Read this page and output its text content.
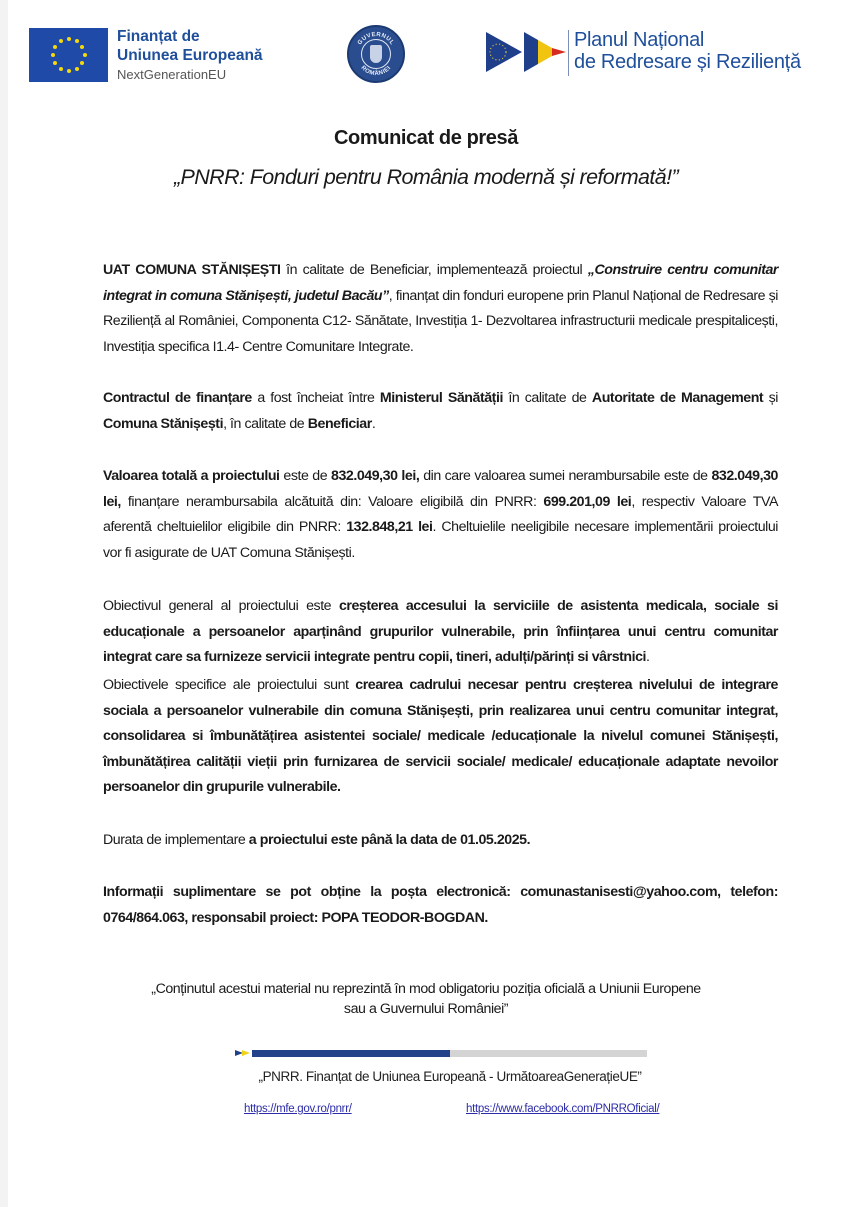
Finanțat de
Uniunea Europeană
NextGenerationEU
GUVERNUL
ROMÂNIEI
Planul Național
de Redresare și Reziliență
Comunicat de presă
„PNRR: Fonduri pentru România modernă și reformată!”
UAT COMUNA STĂNIȘEȘTI în calitate de Beneficiar, implementează proiectul „Construire centru comunitar integrat in comuna Stănișești, judetul Bacău”, finanțat din fonduri europene prin Planul Național de Redresare și Reziliență al României, Componenta C12- Sănătate, Investiția 1- Dezvoltarea infrastructurii medicale prespitalicești, Investiția specifica I1.4- Centre Comunitare Integrate.
Contractul de finanțare a fost încheiat între Ministerul Sănătății în calitate de Autoritate de Management și Comuna Stănișești, în calitate de Beneficiar.
Valoarea totală a proiectului este de 832.049,30 lei, din care valoarea sumei nerambursabile este de 832.049,30 lei, finanțare nerambursabila alcătuită din: Valoare eligibilă din PNRR: 699.201,09 lei, respectiv Valoare TVA aferentă cheltuielilor eligibile din PNRR: 132.848,21 lei. Cheltuielile neeligibile necesare implementării proiectului vor fi asigurate de UAT Comuna Stănișești.
Obiectivul general al proiectului este creșterea accesului la serviciile de asistenta medicala, sociale si educaționale a persoanelor aparținând grupurilor vulnerabile, prin înființarea unui centru comunitar integrat care sa furnizeze servicii integrate pentru copii, tineri, adulți/părinți si vârstnici.
Obiectivele specifice ale proiectului sunt crearea cadrului necesar pentru creșterea nivelului de integrare sociala a persoanelor vulnerabile din comuna Stănișești, prin realizarea unui centru comunitar integrat, consolidarea si îmbunătățirea asistentei sociale/ medicale /educaționale la nivelul comunei Stănișești, îmbunătățirea calității vieții prin furnizarea de servicii sociale/ medicale/ educaționale adaptate nevoilor persoanelor din grupurile vulnerabile.
Durata de implementare a proiectului este până la data de 01.05.2025.
Informații suplimentare se pot obține la poșta electronică: comunastanisesti@yahoo.com, telefon: 0764/864.063, responsabil proiect: POPA TEODOR-BOGDAN.
„Conținutul acestui material nu reprezintă în mod obligatoriu poziția oficială a Uniunii Europene
sau a Guvernului României”
„PNRR. Finanțat de Uniunea Europeană - UrmătoareaGenerațieUE”
https://mfe.gov.ro/pnrr/	https://www.facebook.com/PNRROficial/
